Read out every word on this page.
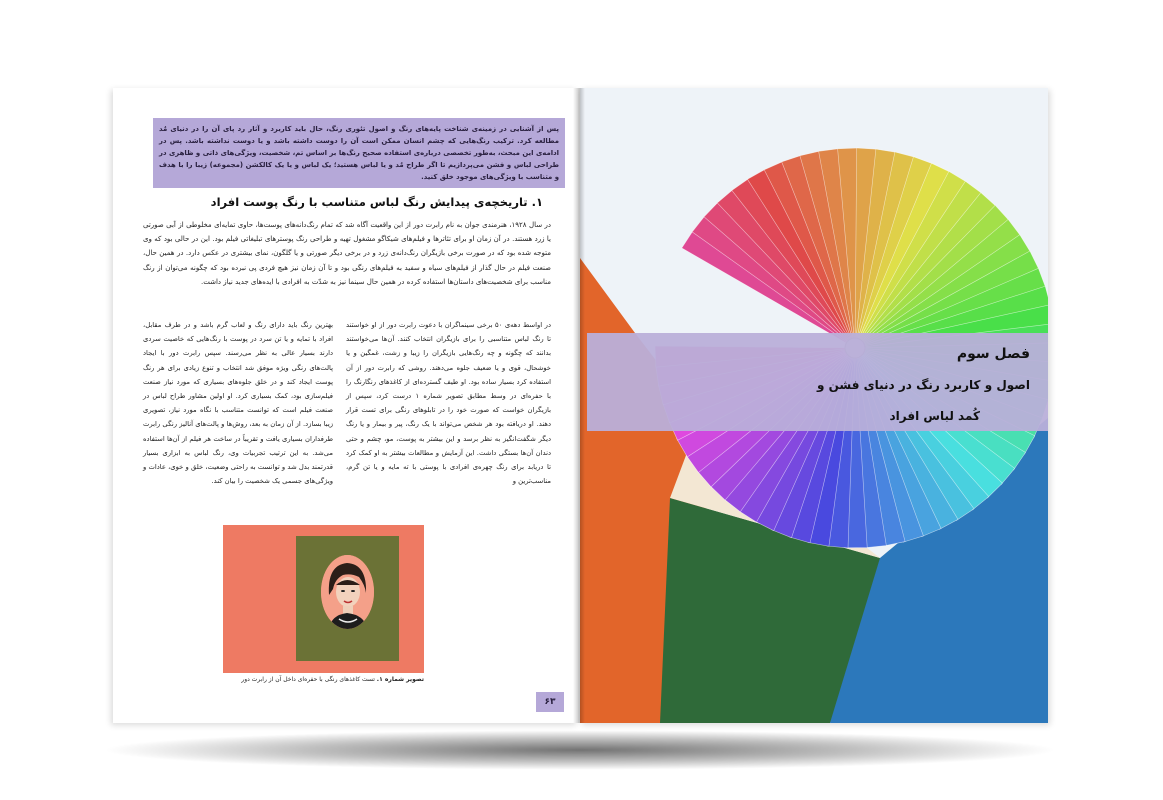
پس از آشنایی در زمینه‌ی شناخت پایه‌های رنگ و اصول تئوری رنگ، حال باید کاربرد و آثار رد پای آن را در دنیای مُد مطالعه کرد. ترکیب رنگ‌هایی که چشم انسان ممکن است آن را دوست داشته باشد و یا دوست نداشته باشد. پس در ادامه‌ی این مبحث، به‌طور تخصصی درباره‌ی استفاده صحیح رنگ‌ها بر اساس تم، شخصیت، ویژگی‌های ذاتی و ظاهری در طراحی لباس و فشن می‌پردازیم تا اگر طراح مُد و یا لباس هستید؛ یک لباس و یا یک کالکشن (مجموعه) زیبا را با هدف و متناسب با ویژگی‌های موجود خلق کنید.
۱. تاریخچه‌ی پیدایش رنگ لباس متناسب با رنگ پوست افراد
در سال ۱۹۲۸، هنرمندی جوان به نام رابرت دور از این واقعیت آگاه شد که تمام رنگ‌دانه‌های پوست‌ها، حاوی تمایه‌ای مخلوطی از آبی صورتی یا زرد هستند. در آن زمان او برای تئاترها و فیلم‌های شیکاگو مشغول تهیه و طراحی رنگ پوسترهای تبلیغاتی فیلم بود. این در حالی بود که وی متوجه شده بود که در صورت برخی بازیگران رنگ‌دانه‌ی زرد و در برخی دیگر صورتی و یا گلگون، نمای بیشتری در عکس دارد. در همین حال، صنعت فیلم در حال گذار از فیلم‌های سیاه و سفید به فیلم‌های رنگی بود و تا آن زمان نیز هیچ فردی پی نبرده بود که چگونه می‌توان از رنگ مناسب برای شخصیت‌های داستان‌ها استفاده کرده در همین حال سینما نیز به شدّت به افرادی با ایده‌های جدید نیاز داشت.
در اواسط دهه‌ی ۵۰ برخی سینماگران با دعوت رابرت دور از او خواستند تا رنگ لباس متناسبی را برای بازیگران انتخاب کنند. آن‌ها می‌خواستند بدانند که چگونه و چه رنگ‌هایی بازیگران را زیبا و زشت، غمگین و یا خوشحال، قوی و یا ضعیف جلوه می‌دهند. روشی که رابرت دور از آن استفاده کرد بسیار ساده بود. او طیف گسترده‌ای از کاغذهای رنگارنگ را با حفره‌ای در وسط مطابق تصویر شماره ۱ درست کرد، سپس از بازیگران خواست که صورت خود را در تابلوهای رنگی برای تست قرار دهند. او دریافته بود هر شخص می‌تواند با یک رنگ، پیر و بیمار و یا رنگ دیگر شگفت‌انگیز به نظر برسد و این بیشتر به پوست، مو، چشم و حتی دندان آن‌ها بستگی داشت. این آزمایش و مطالعات بیشتر به او کمک کرد تا دریابد برای رنگ چهره‌ی افرادی با پوستی با ته مایه و یا تن گرم، مناسب‌ترین و
بهترین رنگ باید دارای رنگ و لعاب گرم باشد و در طرف مقابل، افراد با تمایه و یا تن سرد در پوست با رنگ‌هایی که خاصیت سردی دارند بسیار عالی به نظر می‌رسند. سپس رابرت دور با ایجاد پالت‌های رنگی ویژه موفق شد انتخاب و تنوع زیادی برای هر رنگ پوست ایجاد کند و در خلق جلوه‌های بسیاری که مورد نیاز صنعت فیلم‌سازی بود، کمک بسیاری کرد. او اولین مشاور طراح لباس در صنعت فیلم است که توانست متناسب با نگاه مورد نیاز، تصویری زیبا بسازد. از آن زمان به بعد، روش‌ها و پالت‌های آنالیز رنگی رابرت طرفداران بسیاری یافت و تقریباً در ساخت هر فیلم از آن‌ها استفاده می‌شد. به این ترتیب تجربیات وی، رنگ لباس به ابزاری بسیار قدرتمند بدل شد و توانست به راحتی وضعیت، خلق و خوی، عادات و ویژگی‌های جسمی یک شخصیت را بیان کند.
تصویر شماره ۱. تست کاغذهای رنگی با حفره‌ای داخل آن از رابرت دور
۶۳
فصل سوم
اصول و کاربرد رنگ در دنیای فشن و
کُمد لباس افراد
